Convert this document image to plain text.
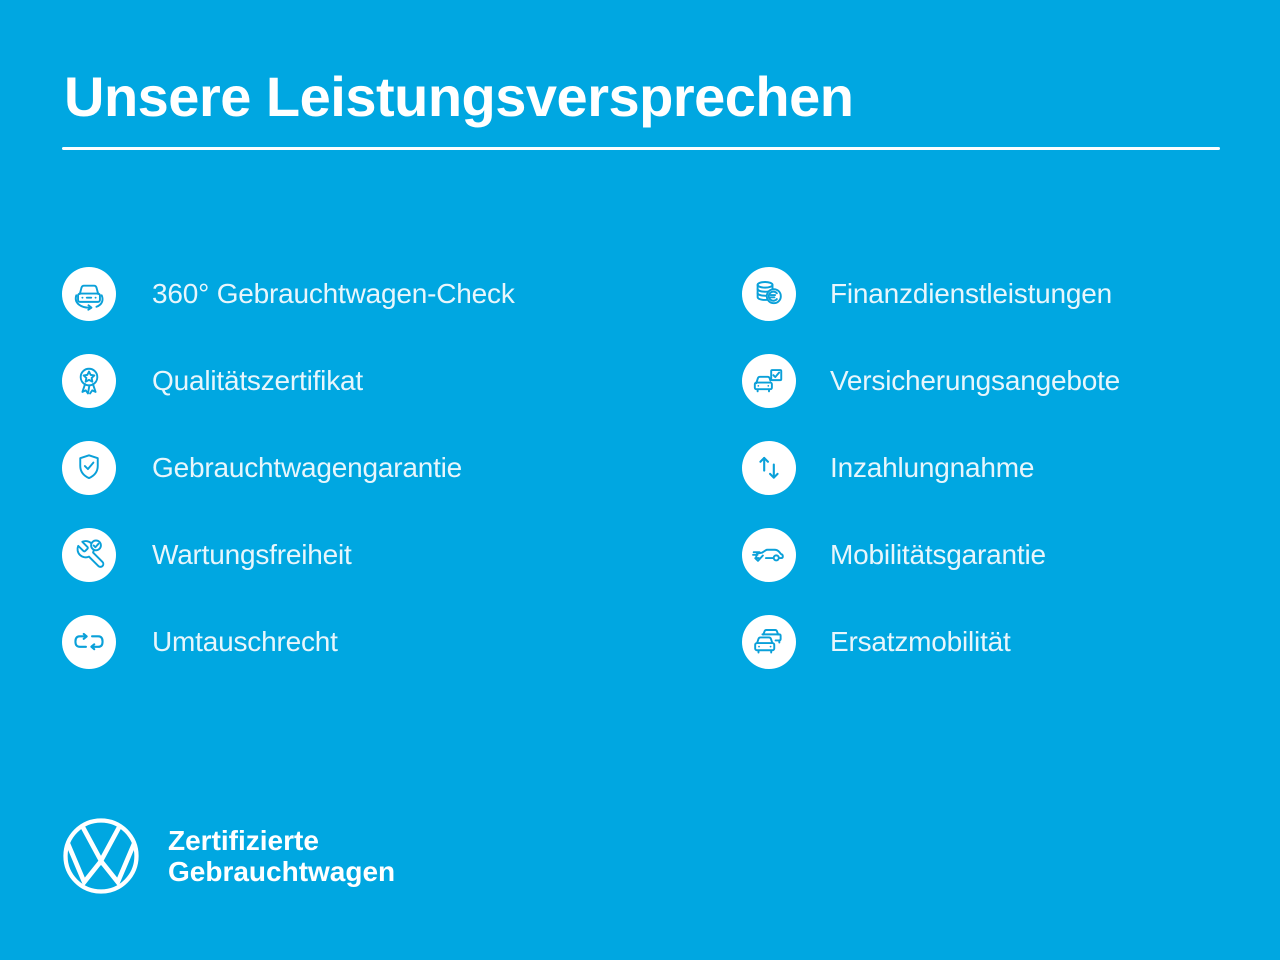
Unsere Leistungsversprechen
360° Gebrauchtwagen-Check
Qualitätszertifikat
Gebrauchtwagengarantie
Wartungsfreiheit
Umtauschrecht
Finanzdienstleistungen
Versicherungsangebote
Inzahlungnahme
Mobilitätsgarantie
Ersatzmobilität
Zertifizierte
Gebrauchtwagen
